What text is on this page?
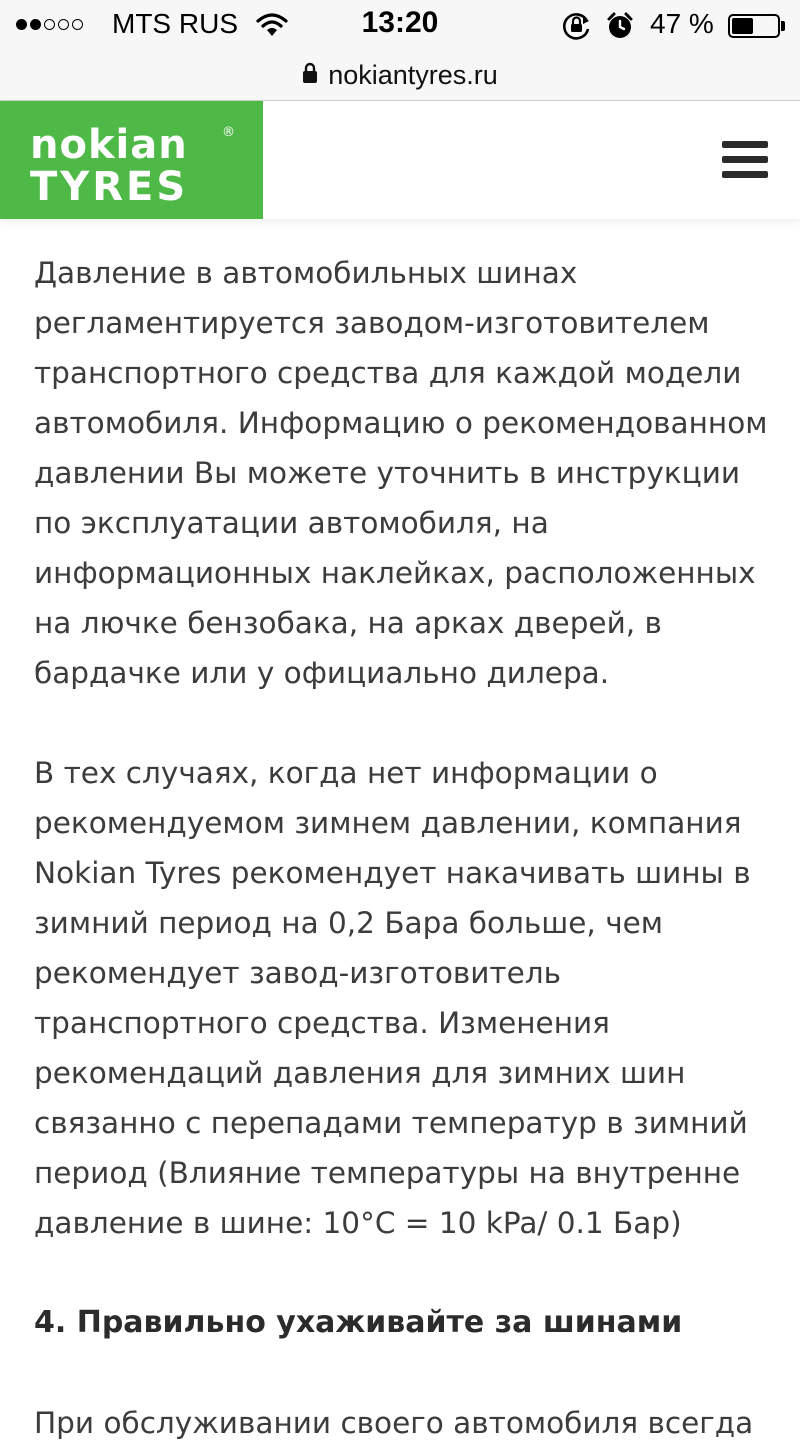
MTS RUS	13:20	47 %
nokiantyres.ru
nokian
TYRES
®

Давление в автомобильных шинах регламентируется заводом-изготовителем транспортного средства для каждой модели автомобиля. Информацию о рекомендованном давлении Вы можете уточнить в инструкции по эксплуатации автомобиля, на информационных наклейках, расположенных на лючке бензобака, на арках дверей, в бардачке или у официально дилера.

В тех случаях, когда нет информации о рекомендуемом зимнем давлении, компания Nokian Tyres рекомендует накачивать шины в зимний период на 0,2 Бара больше, чем рекомендует завод-изготовитель транспортного средства. Изменения рекомендаций давления для зимних шин связанно с перепадами температур в зимний период (Влияние температуры на внутренне давление в шине: 10°C = 10 kPa/ 0.1 Бар)

4. Правильно ухаживайте за шинами

При обслуживании своего автомобиля всегда
